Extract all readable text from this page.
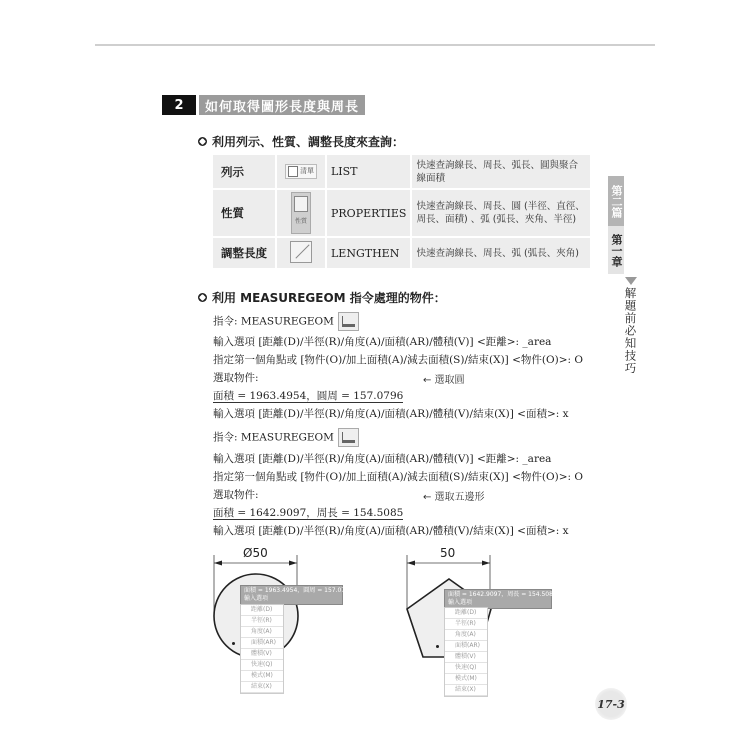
2	如何取得圖形長度與周長
利用列示、性質、調整長度來查詢：
列示	清單	LIST	快速查詢線長、周長、弧長、圓與聚合線面積
性質	性質	PROPERTIES	快速查詢線長、周長、圓 (半徑、直徑、周長、面積) 、弧 (弧長、夾角、半徑)
調整長度		LENGTHEN	快速查詢線長、周長、弧 (弧長、夾角)
第二篇
第一章
解題前必知技巧
利用 MEASUREGEOM 指令處理的物件：
指令: MEASUREGEOM
輸入選項 [距離(D)/半徑(R)/角度(A)/面積(AR)/體積(V)] <距離>: _area
指定第一個角點或 [物件(O)/加上面積(A)/減去面積(S)/結束(X)] <物件(O)>: O
選取物件:	← 選取圓
面積 = 1963.4954，圓周 = 157.0796
輸入選項 [距離(D)/半徑(R)/角度(A)/面積(AR)/體積(V)/結束(X)] <面積>: x
指令: MEASUREGEOM
輸入選項 [距離(D)/半徑(R)/角度(A)/面積(AR)/體積(V)] <距離>: _area
指定第一個角點或 [物件(O)/加上面積(A)/減去面積(S)/結束(X)] <物件(O)>: O
選取物件:	← 選取五邊形
面積 = 1642.9097，周長 = 154.5085
輸入選項 [距離(D)/半徑(R)/角度(A)/面積(AR)/體積(V)/結束(X)] <面積>: x
Ø50
面積 = 1963.4954，圓周 = 157.0796
輸入選項
距離(D)
半徑(R)
角度(A)
面積(AR)
體積(V)
快速(Q)
模式(M)
結束(X)
50
面積 = 1642.9097，周長 = 154.5085
輸入選項
距離(D)
半徑(R)
角度(A)
面積(AR)
體積(V)
快速(Q)
模式(M)
結束(X)
17-3
